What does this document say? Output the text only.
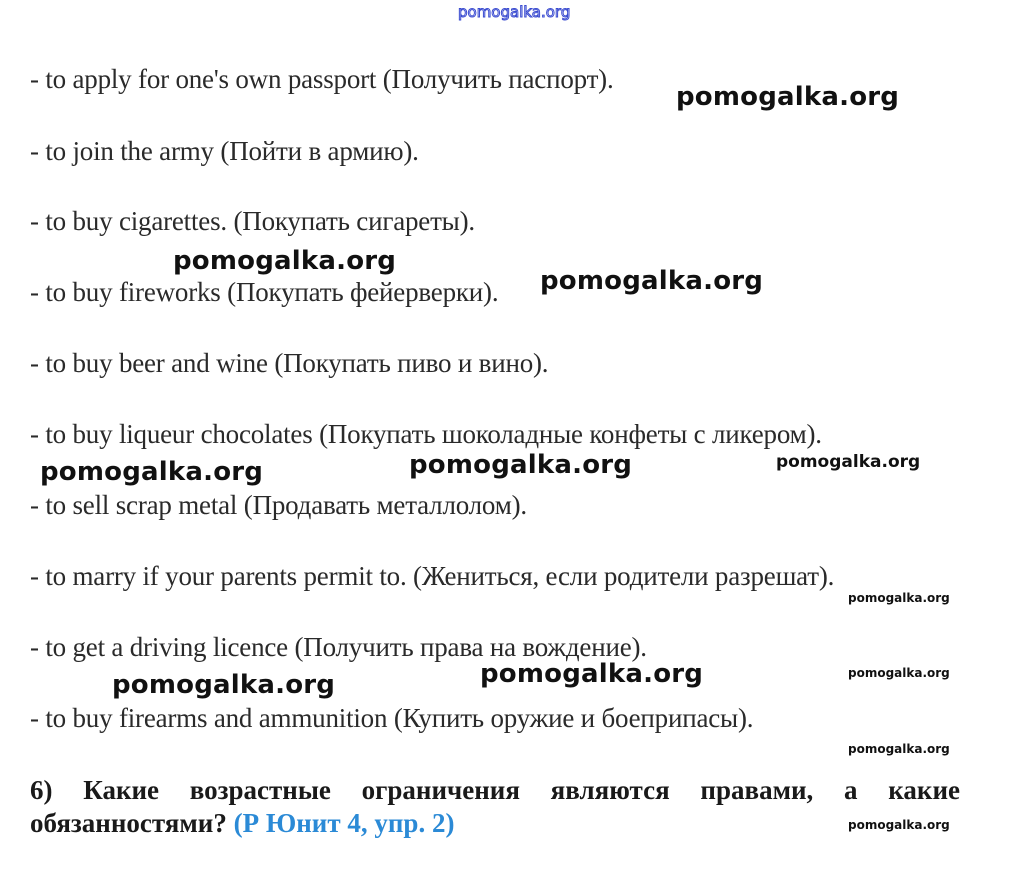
pomogalka.org
- to apply for one's own passport (Получить паспорт).
- to join the army (Пойти в армию).
- to buy cigarettes. (Покупать сигареты).
- to buy fireworks (Покупать фейерверки).
- to buy beer and wine (Покупать пиво и вино).
- to buy liqueur chocolates (Покупать шоколадные конфеты с ликером).
- to sell scrap metal (Продавать металлолом).
- to marry if your parents permit to. (Жениться, если родители разрешат).
- to get a driving licence (Получить права на вождение).
- to buy firearms and ammunition (Купить оружие и боеприпасы).
6) Какие возрастные ограничения являются правами, а какие обязанностями? (Р Юнит 4, упр. 2)
pomogalka.org
pomogalka.org
pomogalka.org
pomogalka.org	pomogalka.org	pomogalka.org
pomogalka.org
pomogalka.org	pomogalka.org	pomogalka.org
pomogalka.org
pomogalka.org
